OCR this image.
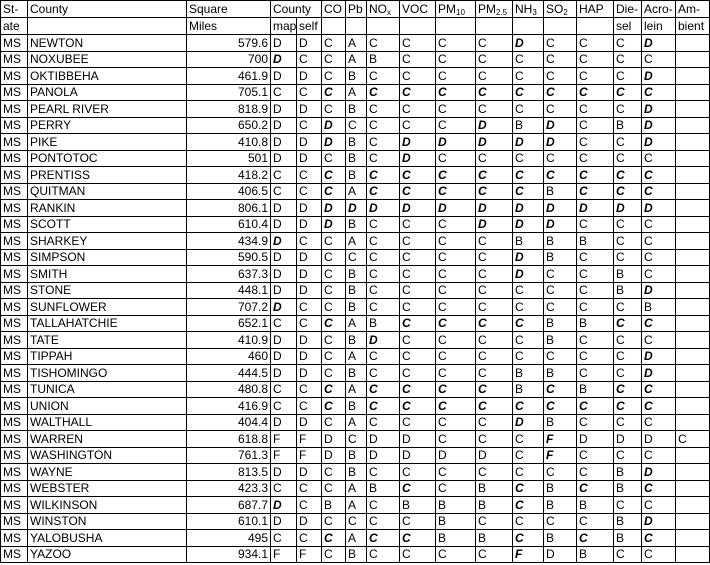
St-	County	Square	County		CO	Pb	$NO_x$	VOC	$PM_{10}$	$PM_{2.5}$	$NH_3$	$SO_2$	HAP	Die-	Acro-	Am-
ate		Miles	map	self										sel	lein	bient
MS	NEWTON	579.6	D	D	C	A	C	C	C	C	D	C	C	C	D	
MS	NOXUBEE	700	D	C	C	A	B	C	C	C	C	C	C	C	C	
MS	OKTIBBEHA	461.9	D	D	C	B	C	C	C	C	C	C	C	C	D	
MS	PANOLA	705.1	C	C	C	A	C	C	C	C	C	C	C	C	C	
MS	PEARL RIVER	818.9	D	D	C	B	C	C	C	C	C	C	C	C	D	
MS	PERRY	650.2	D	C	D	C	C	C	C	D	B	D	C	B	D	
MS	PIKE	410.8	D	D	D	B	C	D	D	D	D	D	C	C	D	
MS	PONTOTOC	501	D	D	C	B	C	D	C	C	C	C	C	C	C	
MS	PRENTISS	418.2	C	C	C	B	C	C	C	C	C	C	C	C	C	
MS	QUITMAN	406.5	C	C	C	A	C	C	C	C	C	B	C	C	C	
MS	RANKIN	806.1	D	D	D	D	D	D	D	D	D	D	D	D	D	
MS	SCOTT	610.4	D	D	D	B	C	C	C	D	D	D	C	C	C	
MS	SHARKEY	434.9	D	C	C	A	C	C	C	C	B	B	B	C	C	
MS	SIMPSON	590.5	D	D	C	C	C	C	C	C	D	B	C	C	C	
MS	SMITH	637.3	D	D	C	B	C	C	C	C	D	C	C	B	C	
MS	STONE	448.1	D	D	C	B	C	C	C	C	C	C	C	B	D	
MS	SUNFLOWER	707.2	D	C	C	B	C	C	C	C	C	C	C	C	B	
MS	TALLAHATCHIE	652.1	C	C	C	A	B	C	C	C	C	B	B	C	C	
MS	TATE	410.9	D	D	C	B	D	C	C	C	C	B	C	C	C	
MS	TIPPAH	460	D	D	C	A	C	C	C	C	C	C	C	C	D	
MS	TISHOMINGO	444.5	D	D	C	B	C	C	C	C	B	B	C	C	D	
MS	TUNICA	480.8	C	C	C	A	C	C	C	C	B	C	B	C	C	
MS	UNION	416.9	C	C	C	B	C	C	C	C	C	C	C	C	C	
MS	WALTHALL	404.4	D	D	C	A	C	C	C	C	D	B	C	C	C	
MS	WARREN	618.8	F	F	D	C	D	D	C	C	C	F	D	D	D	C
MS	WASHINGTON	761.3	F	F	D	B	D	D	D	D	C	F	C	C	C	
MS	WAYNE	813.5	D	D	C	B	C	C	C	C	C	C	C	B	D	
MS	WEBSTER	423.3	C	C	C	A	B	C	C	B	C	B	C	B	C	
MS	WILKINSON	687.7	D	C	B	A	C	B	B	B	C	B	B	C	C	
MS	WINSTON	610.1	D	D	C	C	C	C	B	C	C	C	C	B	D	
MS	YALOBUSHA	495	C	C	C	A	C	C	B	B	C	B	C	B	C	
MS	YAZOO	934.1	F	F	C	B	C	C	C	C	F	D	B	C	C	
